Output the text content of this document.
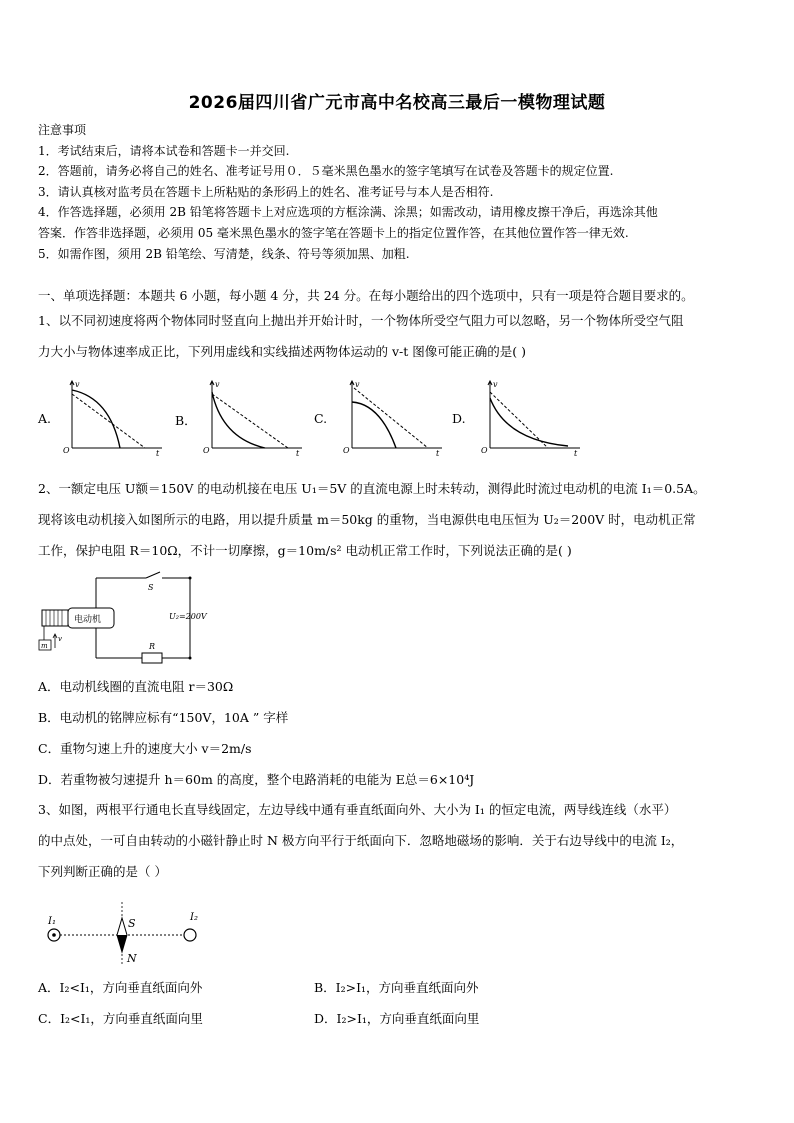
2026届四川省广元市高中名校高三最后一模物理试题
注意事项
1．考试结束后，请将本试卷和答题卡一并交回.
2．答题前，请务必将自己的姓名、准考证号用０．５毫米黑色墨水的签字笔填写在试卷及答题卡的规定位置.
3．请认真核对监考员在答题卡上所粘贴的条形码上的姓名、准考证号与本人是否相符.
4．作答选择题，必须用 2B 铅笔将答题卡上对应选项的方框涂满、涂黑；如需改动，请用橡皮擦干净后，再选涂其他
答案．作答非选择题，必须用 05 毫米黑色墨水的签字笔在答题卡上的指定位置作答，在其他位置作答一律无效.
5．如需作图，须用 2B 铅笔绘、写清楚，线条、符号等须加黑、加粗.
一、单项选择题：本题共 6 小题，每小题 4 分，共 24 分。在每小题给出的四个选项中，只有一项是符合题目要求的。
1、以不同初速度将两个物体同时竖直向上抛出并开始计时，一个物体所受空气阻力可以忽略，另一个物体所受空气阻
力大小与物体速率成正比，下列用虚线和实线描述两物体运动的 v-t 图像可能正确的是( )
A.	B．	C.	D.
v
t
O
v
t
O
v
t
O
v
t
O
2、一额定电压 U额＝150V 的电动机接在电压 U₁＝5V 的直流电源上时未转动，测得此时流过电动机的电流 I₁＝0.5A。
现将该电动机接入如图所示的电路，用以提升质量 m＝50kg 的重物，当电源供电电压恒为 U₂＝200V 时，电动机正常
工作，保护电阻 R＝10Ω，不计一切摩擦，g＝10m/s² 电动机正常工作时，下列说法正确的是( )
R
S
U₂=200V
电动机
m
v
A．电动机线圈的直流电阻 r＝30Ω
B．电动机的铭牌应标有“150V，10A ” 字样
C．重物匀速上升的速度大小 v＝2m/s
D．若重物被匀速提升 h＝60m 的高度，整个电路消耗的电能为 E总＝6×10⁴J
3、如图，两根平行通电长直导线固定，左边导线中通有垂直纸面向外、大小为 I₁ 的恒定电流，两导线连线（水平）
的中点处，一可自由转动的小磁针静止时 N 极方向平行于纸面向下．忽略地磁场的影响．关于右边导线中的电流 I₂，
下列判断正确的是（ ）
I₁	I₂
S
N
A．I₂<I₁，方向垂直纸面向外	B．I₂>I₁，方向垂直纸面向外
C．I₂<I₁，方向垂直纸面向里	D．I₂>I₁，方向垂直纸面向里
